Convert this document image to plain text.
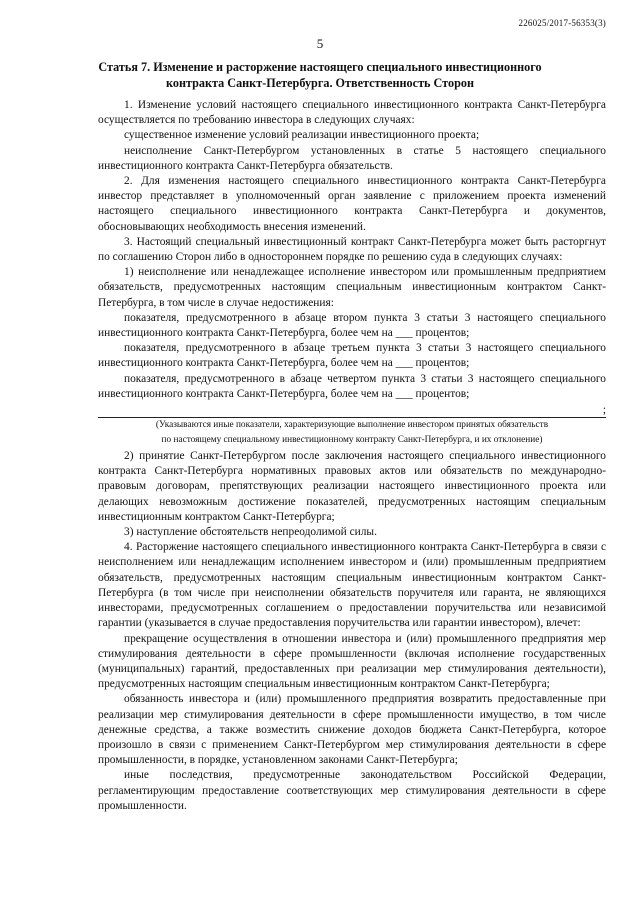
226025/2017-56353(3)
5
Статья 7. Изменение и расторжение настоящего специального инвестиционного контракта Санкт-Петербурга. Ответственность Сторон

1. Изменение условий настоящего специального инвестиционного контракта Санкт-Петербурга осуществляется по требованию инвестора в следующих случаях:

существенное изменение условий реализации инвестиционного проекта;

неисполнение Санкт-Петербургом установленных в статье 5 настоящего специального инвестиционного контракта Санкт-Петербурга обязательств.

2. Для изменения настоящего специального инвестиционного контракта Санкт-Петербурга инвестор представляет в уполномоченный орган заявление с приложением проекта изменений настоящего специального инвестиционного контракта Санкт-Петербурга и документов, обосновывающих необходимость внесения изменений.

3. Настоящий специальный инвестиционный контракт Санкт-Петербурга может быть расторгнут по соглашению Сторон либо в одностороннем порядке по решению суда в следующих случаях:

1) неисполнение или ненадлежащее исполнение инвестором или промышленным предприятием обязательств, предусмотренных настоящим специальным инвестиционным контрактом Санкт-Петербурга, в том числе в случае недостижения:

показателя, предусмотренного в абзаце втором пункта 3 статьи 3 настоящего специального инвестиционного контракта Санкт-Петербурга, более чем на ___ процентов;

показателя, предусмотренного в абзаце третьем пункта 3 статьи 3 настоящего специального инвестиционного контракта Санкт-Петербурга, более чем на ___ процентов;

показателя, предусмотренного в абзаце четвертом пункта 3 статьи 3 настоящего специального инвестиционного контракта Санкт-Петербурга, более чем на ___ процентов;

;

(Указываются иные показатели, характеризующие выполнение инвестором принятых обязательств

по настоящему специальному инвестиционному контракту Санкт-Петербурга, и их отклонение)

2) принятие Санкт-Петербургом после заключения настоящего специального инвестиционного контракта Санкт-Петербурга нормативных правовых актов или обязательств по международно-правовым договорам, препятствующих реализации настоящего инвестиционного проекта или делающих невозможным достижение показателей, предусмотренных настоящим специальным инвестиционным контрактом Санкт-Петербурга;

3) наступление обстоятельств непреодолимой силы.

4. Расторжение настоящего специального инвестиционного контракта Санкт-Петербурга в связи с неисполнением или ненадлежащим исполнением инвестором и (или) промышленным предприятием обязательств, предусмотренных настоящим специальным инвестиционным контрактом Санкт-Петербурга (в том числе при неисполнении обязательств поручителя или гаранта, не являющихся инвесторами, предусмотренных соглашением о предоставлении поручительства или независимой гарантии (указывается в случае предоставления поручительства или гарантии инвестором), влечет:

прекращение осуществления в отношении инвестора и (или) промышленного предприятия мер стимулирования деятельности в сфере промышленности (включая исполнение государственных (муниципальных) гарантий, предоставленных при реализации мер стимулирования деятельности), предусмотренных настоящим специальным инвестиционным контрактом Санкт-Петербурга;

обязанность инвестора и (или) промышленного предприятия возвратить предоставленные при реализации мер стимулирования деятельности в сфере промышленности имущество, в том числе денежные средства, а также возместить снижение доходов бюджета Санкт-Петербурга, которое произошло в связи с применением Санкт-Петербургом мер стимулирования деятельности в сфере промышленности, в порядке, установленном законами Санкт-Петербурга;

иные последствия, предусмотренные законодательством Российской Федерации, регламентирующим предоставление соответствующих мер стимулирования деятельности в сфере промышленности.
